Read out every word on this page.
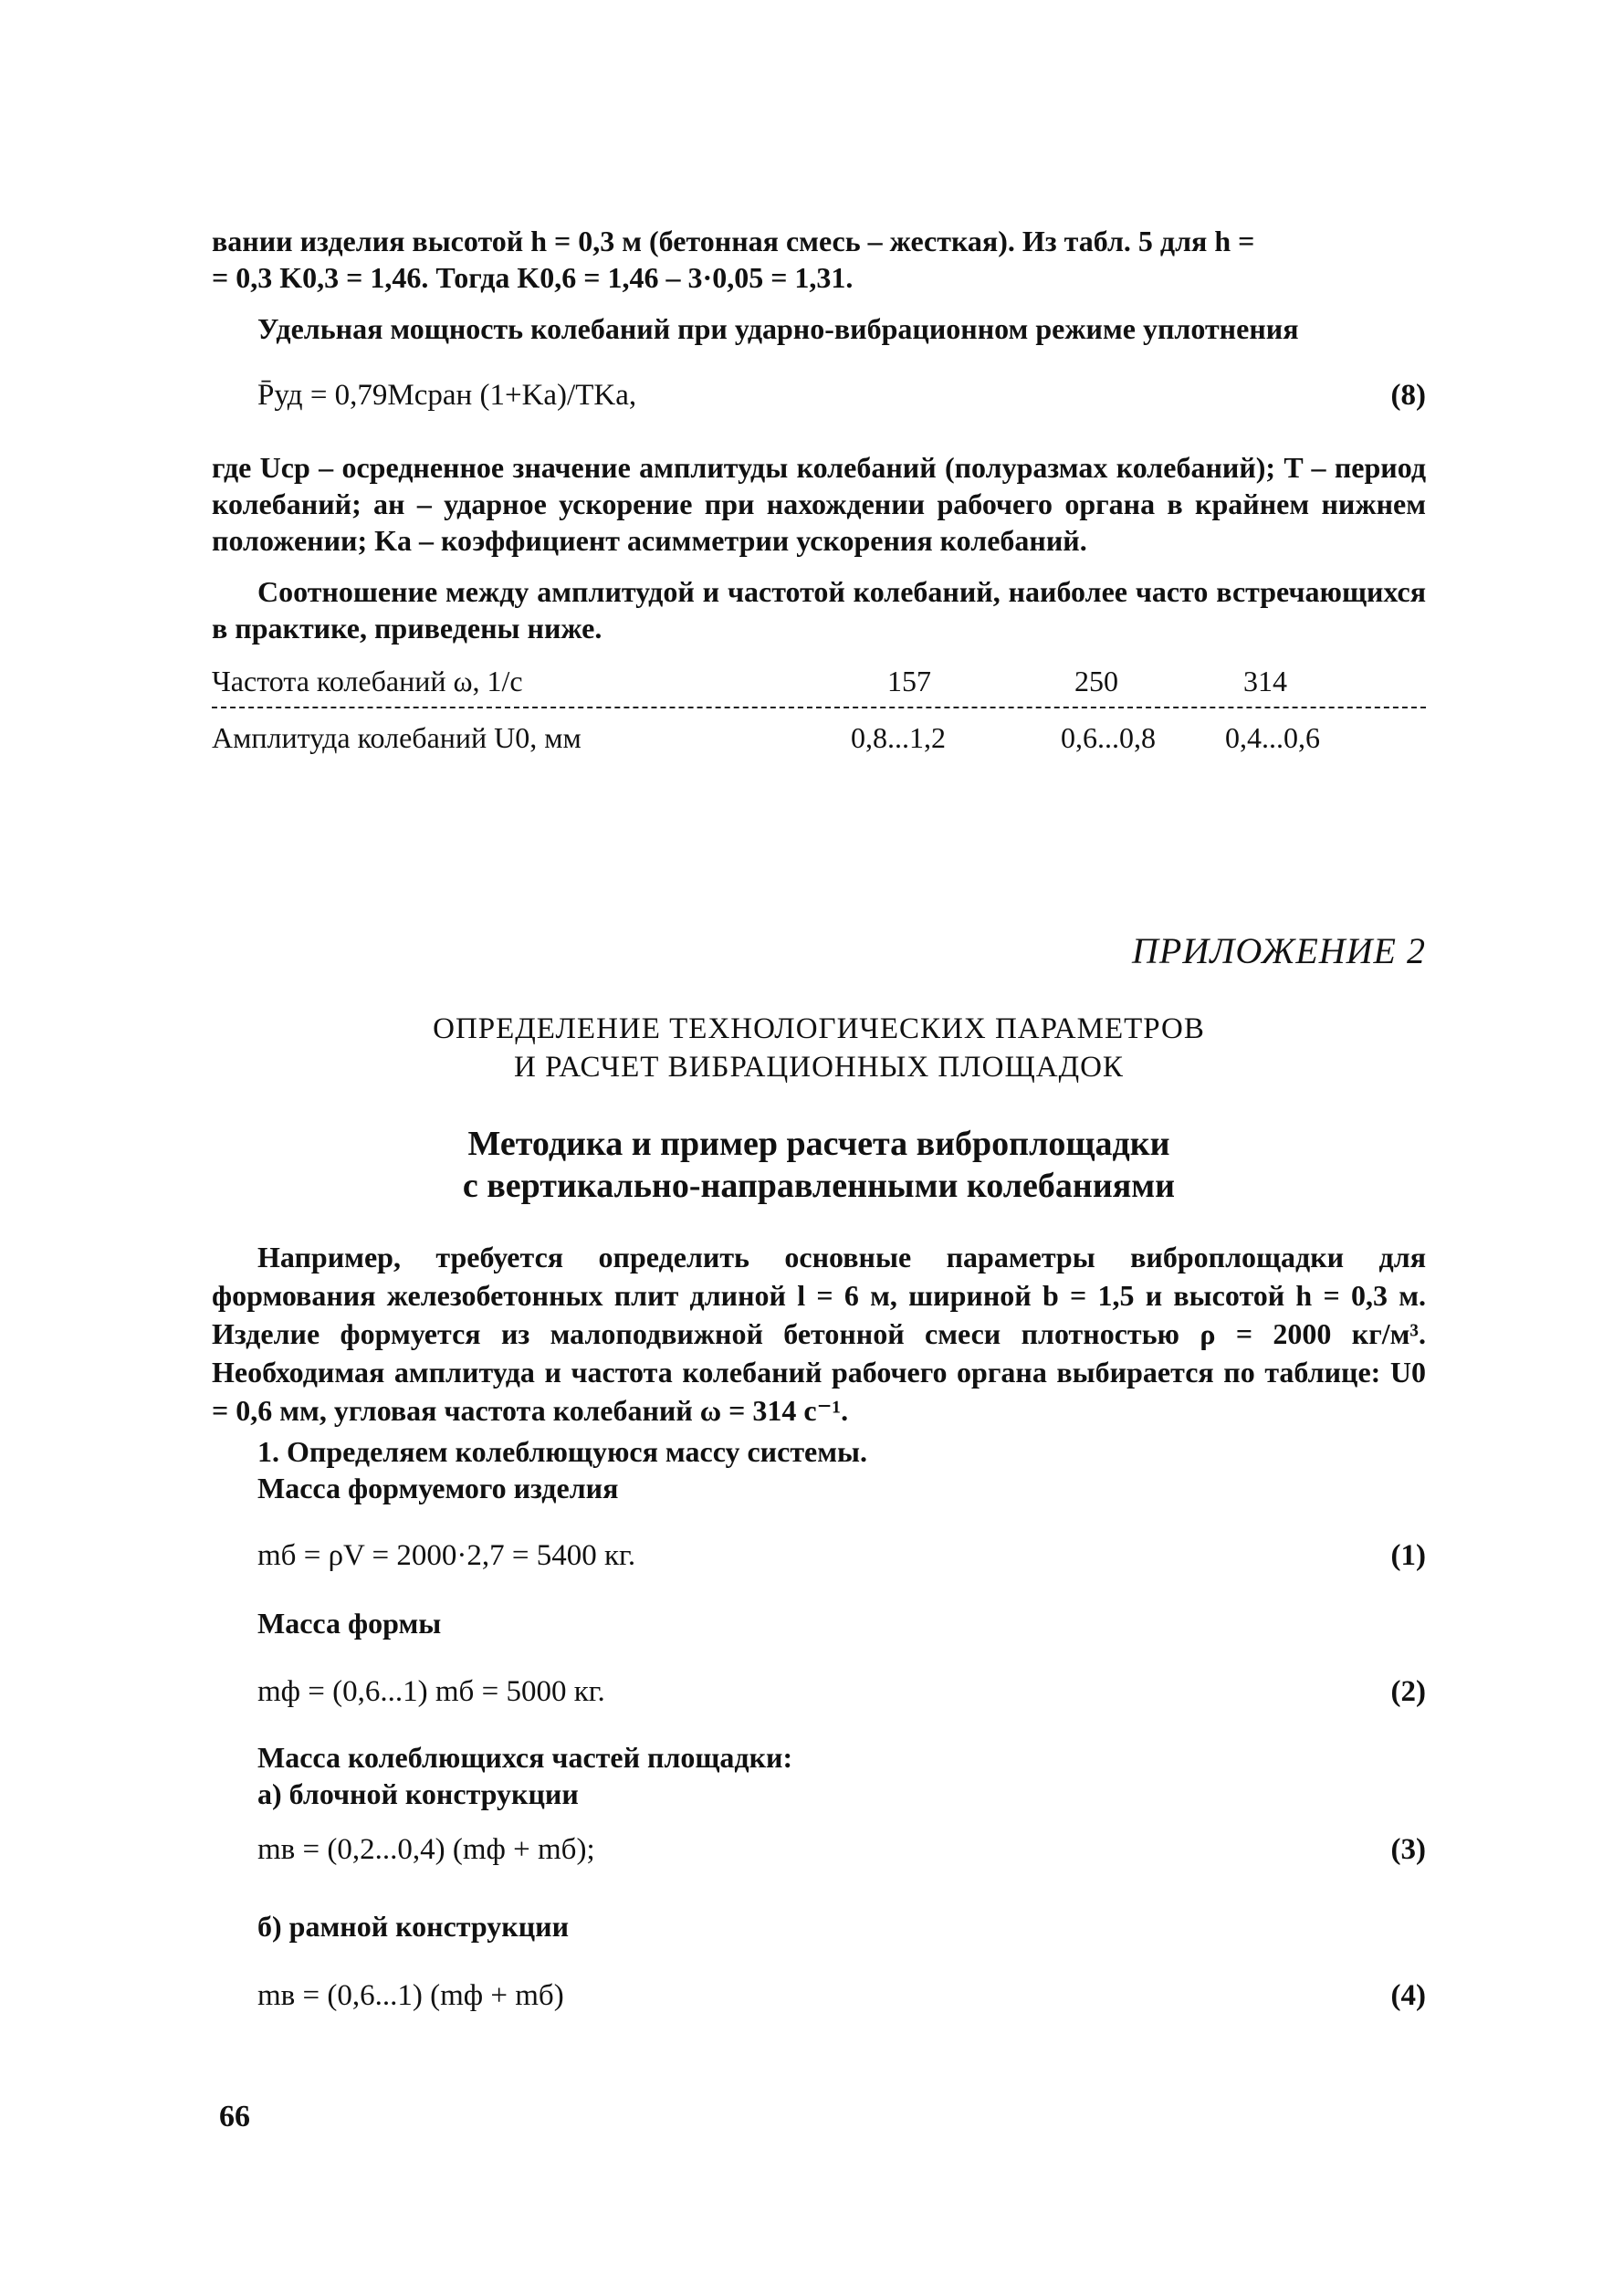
вании изделия высотой h = 0,3 м (бетонная смесь – жесткая). Из табл. 5 для h =

= 0,3 K0,3 = 1,46. Тогда K0,6 = 1,46 – 3·0,05 = 1,31.

Удельная мощность колебаний при ударно-вибрационном режиме уплотнения

P̄уд = 0,79Mсрaн (1+Kа)/TKа,	(8)

где Uср – осредненное значение амплитуды колебаний (полуразмах колебаний); T – период колебаний; aн – ударное ускорение при нахождении рабочего органа в крайнем нижнем положении; Kа – коэффициент асимметрии ускорения колебаний.

Соотношение между амплитудой и частотой колебаний, наиболее часто встречающихся в практике, приведены ниже.

Частота колебаний ω, 1/с	157	250	314
Амплитуда колебаний U0, мм	0,8...1,2	0,6...0,8 0,4...0,6
ПРИЛОЖЕНИЕ 2
ОПРЕДЕЛЕНИЕ ТЕХНОЛОГИЧЕСКИХ ПАРАМЕТРОВ
И РАСЧЕТ ВИБРАЦИОННЫХ ПЛОЩАДОК
Методика и пример расчета виброплощадки
с вертикально-направленными колебаниями

Например, требуется определить основные параметры виброплощадки для формования железобетонных плит длиной l = 6 м, шириной b = 1,5 и высотой h = 0,3 м. Изделие формуется из малоподвижной бетонной смеси плотностью ρ = 2000 кг/м³. Необходимая амплитуда и частота колебаний рабочего органа выбирается по таблице: U0 = 0,6 мм, угловая частота колебаний ω = 314 с⁻¹.

1. Определяем колеблющуюся массу системы.

Масса формуемого изделия

mб = ρV = 2000·2,7 = 5400 кг.	(1)

Масса формы

mф = (0,6...1) mб = 5000 кг.	(2)

Масса колеблющихся частей площадки:

а) блочной конструкции

mв = (0,2...0,4) (mф + mб);	(3)

б) рамной конструкции

mв = (0,6...1) (mф + mб)	(4)
66
